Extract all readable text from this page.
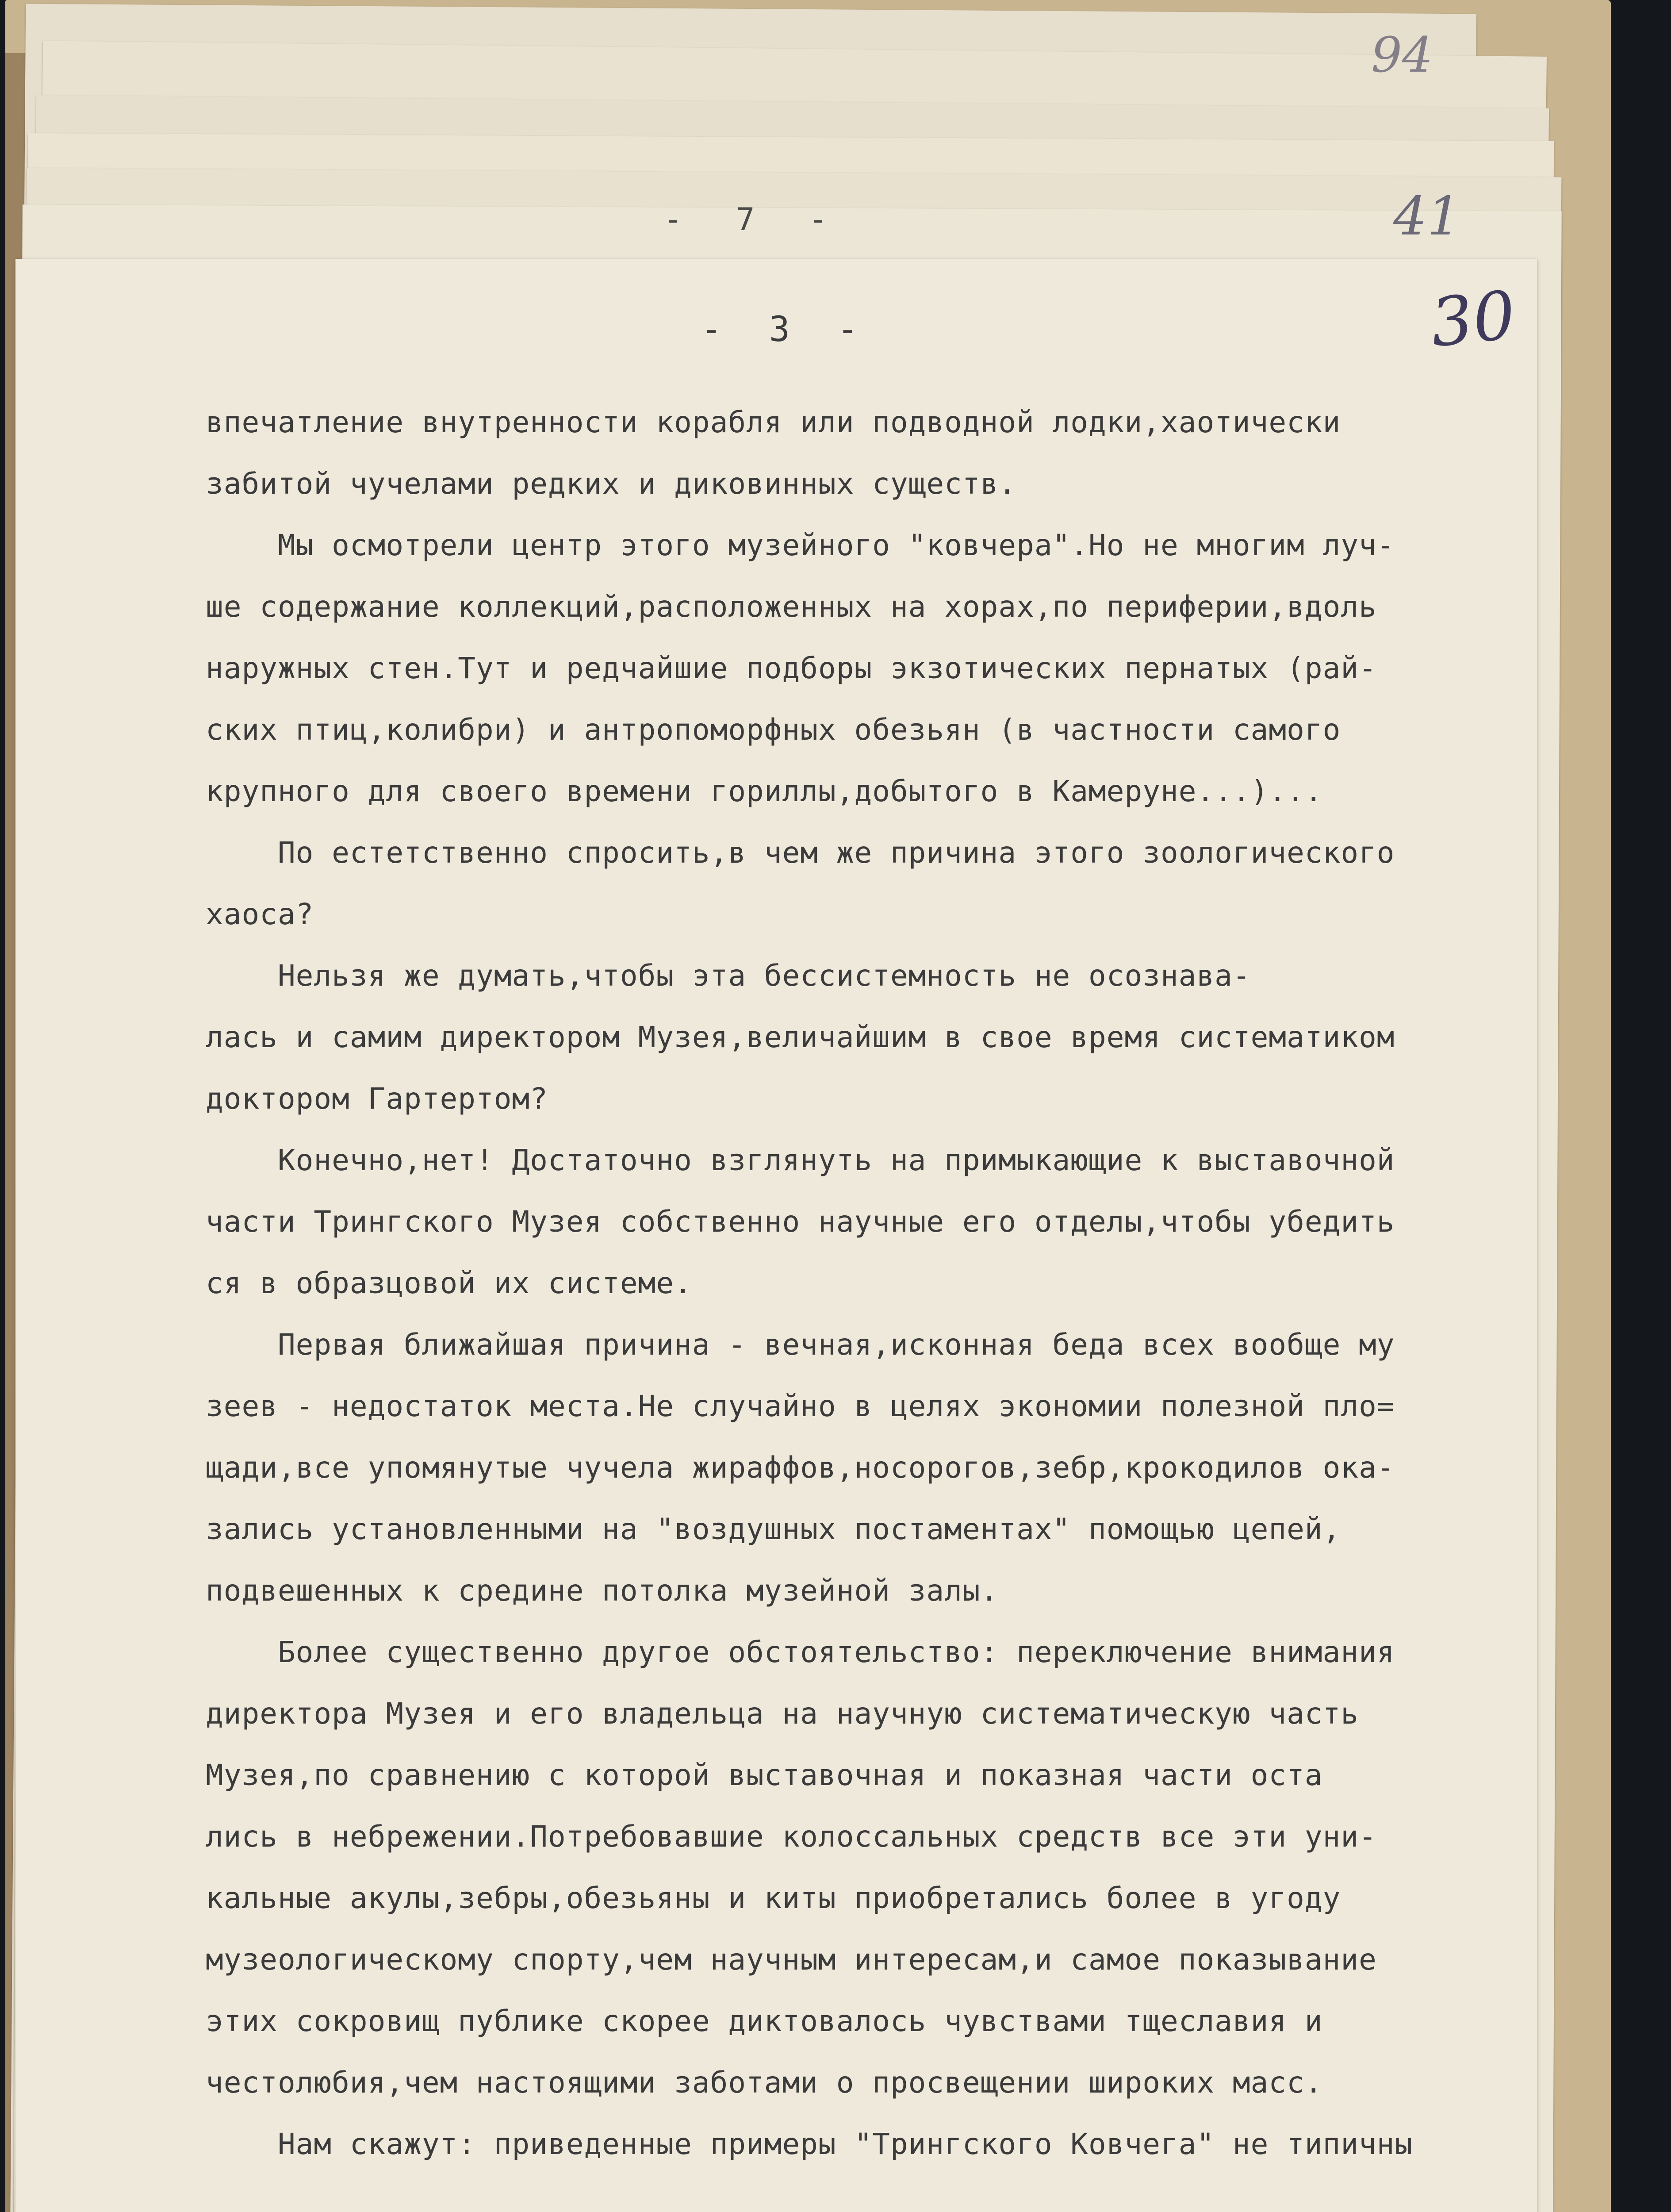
94
- 7 -	41
- 3 -	30
впечатление внутренности корабля или подводной лодки,хаотически
забитой чучелами редких и диковинных существ.
Мы осмотрели центр этого музейного "ковчера".Но не многим луч-
ше содержание коллекций,расположенных на хорах,по периферии,вдоль
наружных стен.Тут и редчайшие подборы экзотических пернатых (рай-
ских птиц,колибри) и антропоморфных обезьян (в частности самого
крупного для своего времени гориллы,добытого в Камеруне...)...
По естетственно спросить,в чем же причина этого зоологического
хаоса?
Нельзя же думать,чтобы эта бессистемность не осознава-
лась и самим директором Музея,величайшим в свое время систематиком
доктором Гартертом?
Конечно,нет! Достаточно взглянуть на примыкающие к выставочной
части Трингского Музея собственно научные его отделы,чтобы убедить
ся в образцовой их системе.
Первая ближайшая причина - вечная,исконная беда всех вообще му
зеев - недостаток места.Не случайно в целях экономии полезной пло=
щади,все упомянутые чучела жираффов,носорогов,зебр,крокодилов ока-
зались установленными на "воздушных постаментах" помощью цепей,
подвешенных к средине потолка музейной залы.
Более существенно другое обстоятельство: переключение внимания
директора Музея и его владельца на научную систематическую часть
Музея,по сравнению с которой выставочная и показная части оста
лись в небрежении.Потребовавшие колоссальных средств все эти уни-
кальные акулы,зебры,обезьяны и киты приобретались более в угоду
музеологическому спорту,чем научным интересам,и самое показывание
этих сокровищ публике скорее диктовалось чувствами тщеславия и
честолюбия,чем настоящими заботами о просвещении широких масс.
Нам скажут: приведенные примеры "Трингского Ковчега" не типичны
